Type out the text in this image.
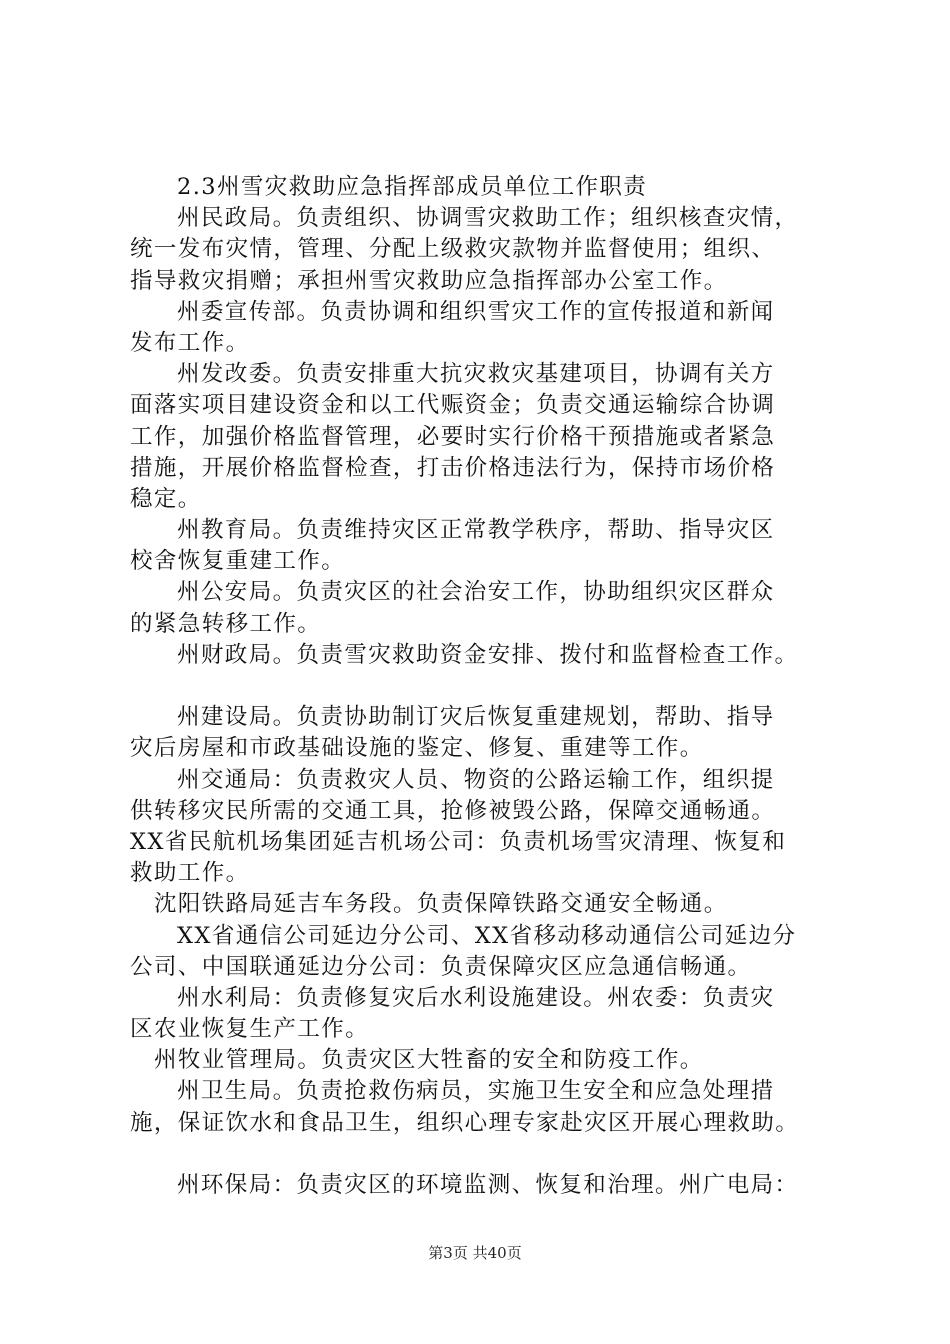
2.3州雪灾救助应急指挥部成员单位工作职责
州民政局。负责组织、协调雪灾救助工作；组织核查灾情，
统一发布灾情，管理、分配上级救灾款物并监督使用；组织、
指导救灾捐赠；承担州雪灾救助应急指挥部办公室工作。
州委宣传部。负责协调和组织雪灾工作的宣传报道和新闻
发布工作。
州发改委。负责安排重大抗灾救灾基建项目，协调有关方
面落实项目建设资金和以工代赈资金；负责交通运输综合协调
工作，加强价格监督管理，必要时实行价格干预措施或者紧急
措施，开展价格监督检查，打击价格违法行为，保持市场价格
稳定。
州教育局。负责维持灾区正常教学秩序，帮助、指导灾区
校舍恢复重建工作。
州公安局。负责灾区的社会治安工作，协助组织灾区群众
的紧急转移工作。
州财政局。负责雪灾救助资金安排、拨付和监督检查工作。
州建设局。负责协助制订灾后恢复重建规划，帮助、指导
灾后房屋和市政基础设施的鉴定、修复、重建等工作。
州交通局：负责救灾人员、物资的公路运输工作，组织提
供转移灾民所需的交通工具，抢修被毁公路，保障交通畅通。
XX省民航机场集团延吉机场公司：负责机场雪灾清理、恢复和
救助工作。
沈阳铁路局延吉车务段。负责保障铁路交通安全畅通。
XX省通信公司延边分公司、XX省移动移动通信公司延边分
公司、中国联通延边分公司：负责保障灾区应急通信畅通。
州水利局：负责修复灾后水利设施建设。州农委：负责灾
区农业恢复生产工作。
州牧业管理局。负责灾区大牲畜的安全和防疫工作。
州卫生局。负责抢救伤病员，实施卫生安全和应急处理措
施，保证饮水和食品卫生，组织心理专家赴灾区开展心理救助。
州环保局：负责灾区的环境监测、恢复和治理。州广电局：
第3页 共40页
